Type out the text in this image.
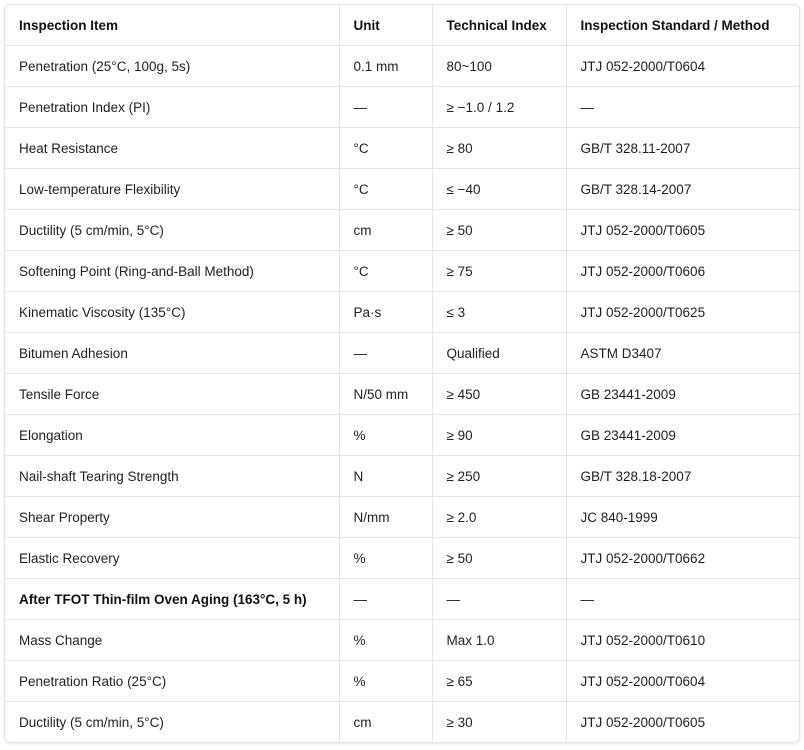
Inspection Item	Unit	Technical Index	Inspection Standard / Method
Penetration (25°C, 100g, 5s)	0.1 mm	80~100	JTJ 052-2000/T0604
Penetration Index (PI)	—	≥ −1.0 / 1.2	—
Heat Resistance	°C	≥ 80	GB/T 328.11-2007
Low-temperature Flexibility	°C	≤ −40	GB/T 328.14-2007
Ductility (5 cm/min, 5°C)	cm	≥ 50	JTJ 052-2000/T0605
Softening Point (Ring-and-Ball Method)	°C	≥ 75	JTJ 052-2000/T0606
Kinematic Viscosity (135°C)	Pa·s	≤ 3	JTJ 052-2000/T0625
Bitumen Adhesion	—	Qualified	ASTM D3407
Tensile Force	N/50 mm	≥ 450	GB 23441-2009
Elongation	%	≥ 90	GB 23441-2009
Nail-shaft Tearing Strength	N	≥ 250	GB/T 328.18-2007
Shear Property	N/mm	≥ 2.0	JC 840-1999
Elastic Recovery	%	≥ 50	JTJ 052-2000/T0662
After TFOT Thin-film Oven Aging (163°C, 5 h)	—	—	—
Mass Change	%	Max 1.0	JTJ 052-2000/T0610
Penetration Ratio (25°C)	%	≥ 65	JTJ 052-2000/T0604
Ductility (5 cm/min, 5°C)	cm	≥ 30	JTJ 052-2000/T0605
